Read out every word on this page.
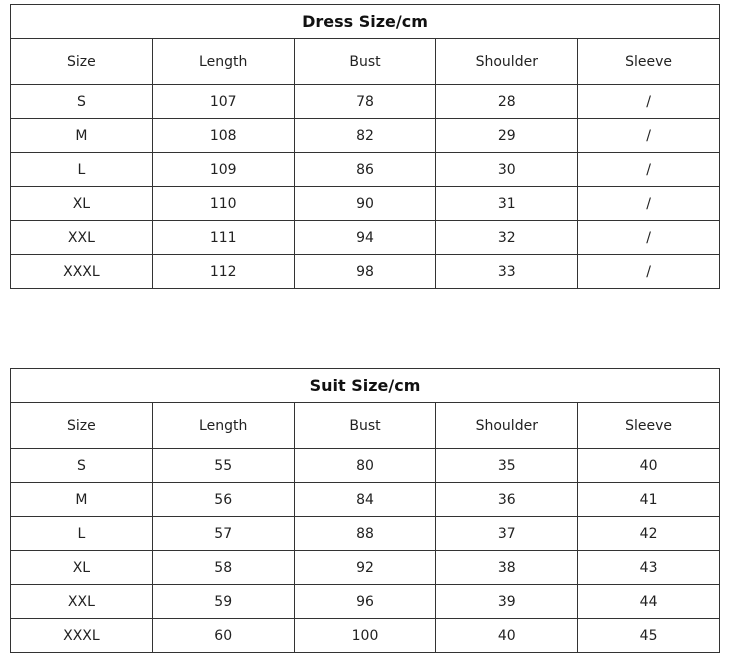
Dress Size/cm				
Size	Length	Bust	Shoulder	Sleeve
S	107	78	28	/
M	108	82	29	/
L	109	86	30	/
XL	110	90	31	/
XXL	111	94	32	/
XXXL	112	98	33	/
Suit Size/cm				
Size	Length	Bust	Shoulder	Sleeve
S	55	80	35	40
M	56	84	36	41
L	57	88	37	42
XL	58	92	38	43
XXL	59	96	39	44
XXXL	60	100	40	45
